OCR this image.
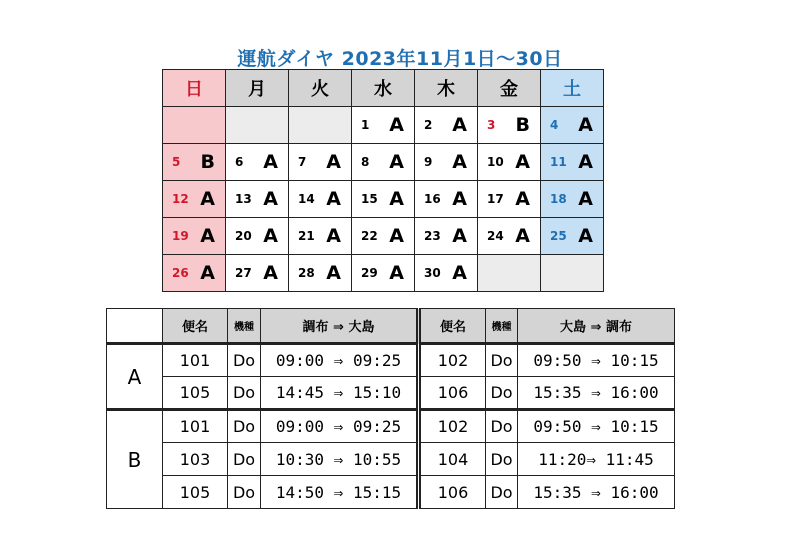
運航ダイヤ 2023年11月1日～30日
日	月	火	水	木	金	土

			1 A	2 A	3 B	4 A

5 B	6 A	7 A	8 A	9 A	10 A	11 A

12 A	13 A	14 A	15 A	16 A	17 A	18 A

19 A	20 A	21 A	22 A	23 A	24 A	25 A

26 A	27 A	28 A	29 A	30 A		

	便名	機種	調布 ⇒ 大島	便名	機種	大島 ⇒ 調布
A	101	Do	09:00 ⇒ 09:25	102	Do	09:50 ⇒ 10:15
	105	Do	14:45 ⇒ 15:10	106	Do	15:35 ⇒ 16:00
B	101	Do	09:00 ⇒ 09:25	102	Do	09:50 ⇒ 10:15
	103	Do	10:30 ⇒ 10:55	104	Do	11:20⇒ 11:45
	105	Do	14:50 ⇒ 15:15	106	Do	15:35 ⇒ 16:00
